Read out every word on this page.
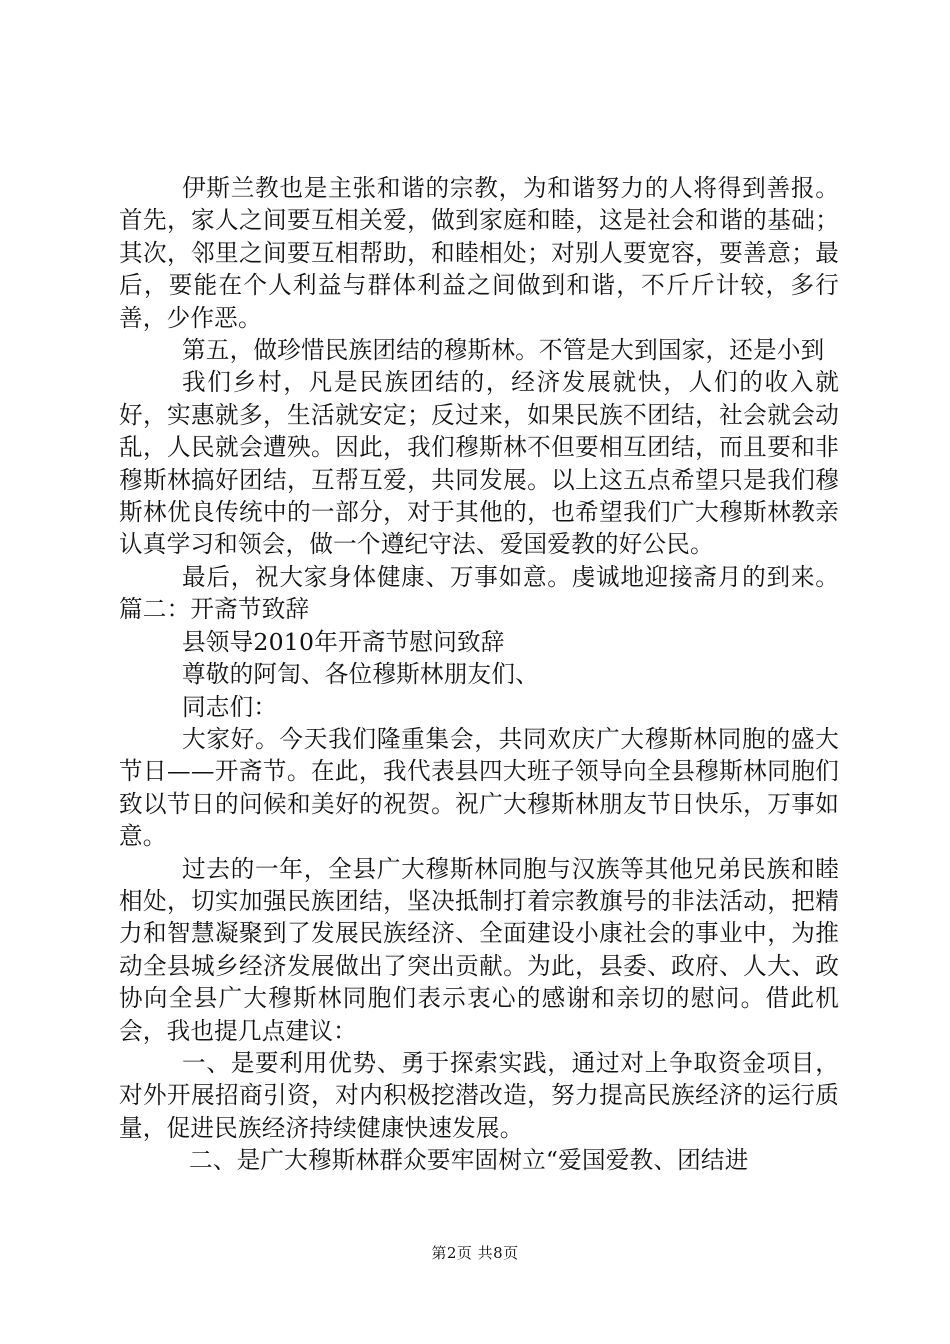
伊斯兰教也是主张和谐的宗教，为和谐努力的人将得到善报。首先，家人之间要互相关爱，做到家庭和睦，这是社会和谐的基础；其次，邻里之间要互相帮助，和睦相处；对别人要宽容，要善意；最后，要能在个人利益与群体利益之间做到和谐，不斤斤计较，多行善，少作恶。

第五，做珍惜民族团结的穆斯林。不管是大到国家，还是小到

我们乡村，凡是民族团结的，经济发展就快，人们的收入就好，实惠就多，生活就安定；反过来，如果民族不团结，社会就会动乱，人民就会遭殃。因此，我们穆斯林不但要相互团结，而且要和非穆斯林搞好团结，互帮互爱，共同发展。以上这五点希望只是我们穆斯林优良传统中的一部分，对于其他的，也希望我们广大穆斯林教亲认真学习和领会，做一个遵纪守法、爱国爱教的好公民。

最后，祝大家身体健康、万事如意。虔诚地迎接斋月的到来。篇二：开斋节致辞

县领导2010年开斋节慰问致辞

尊敬的阿訇、各位穆斯林朋友们、

同志们：

大家好。今天我们隆重集会，共同欢庆广大穆斯林同胞的盛大节日——开斋节。在此，我代表县四大班子领导向全县穆斯林同胞们致以节日的问候和美好的祝贺。祝广大穆斯林朋友节日快乐，万事如意。

过去的一年，全县广大穆斯林同胞与汉族等其他兄弟民族和睦相处，切实加强民族团结，坚决抵制打着宗教旗号的非法活动，把精力和智慧凝聚到了发展民族经济、全面建设小康社会的事业中，为推动全县城乡经济发展做出了突出贡献。为此，县委、政府、人大、政协向全县广大穆斯林同胞们表示衷心的感谢和亲切的慰问。借此机会，我也提几点建议：

一、是要利用优势、勇于探索实践，通过对上争取资金项目，对外开展招商引资，对内积极挖潜改造，努力提高民族经济的运行质量，促进民族经济持续健康快速发展。

二、是广大穆斯林群众要牢固树立“爱国爱教、团结进

第2页 共8页
